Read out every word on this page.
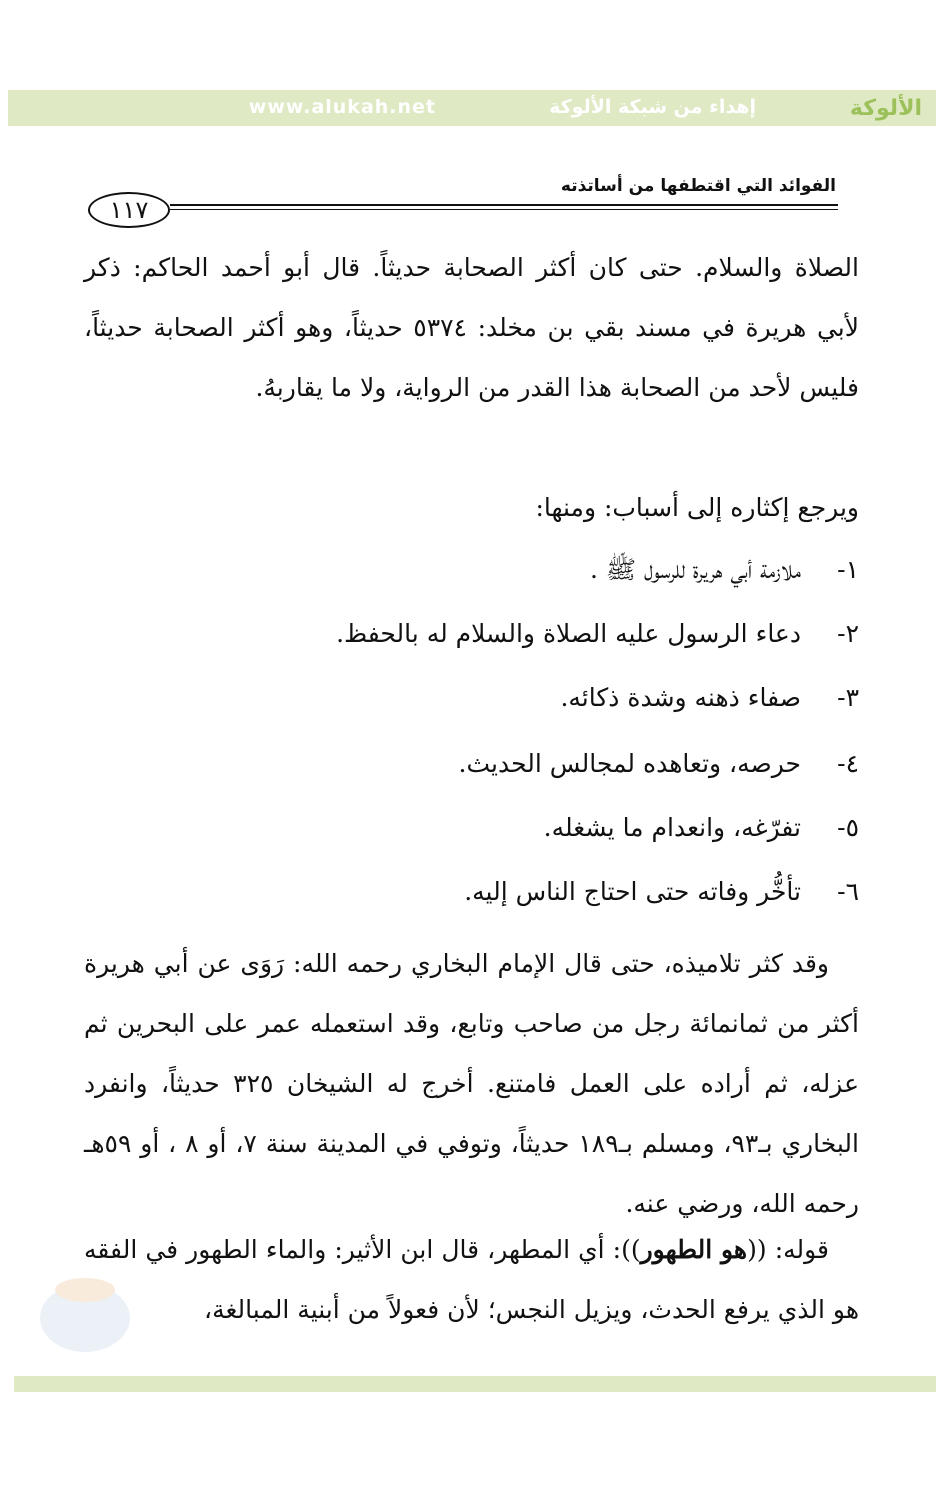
www.alukah.net	إهداء من شبكة الألوكة	الألوكة
الفوائد التي اقتطفها من أساتذته
١١٧

الصلاة والسلام. حتى كان أكثر الصحابة حديثاً. قال أبو أحمد الحاكم: ذكر لأبي هريرة في مسند بقي بن مخلد: ٥٣٧٤ حديثاً، وهو أكثر الصحابة حديثاً، فليس لأحد من الصحابة هذا القدر من الرواية، ولا ما يقاربهُ.

ويرجع إكثاره إلى أسباب: ومنها:

١-ملازمة أبي هريرة للرسول ﷺ .
٢-دعاء الرسول عليه الصلاة والسلام له بالحفظ.
٣-صفاء ذهنه وشدة ذكائه.
٤-حرصه، وتعاهده لمجالس الحديث.
٥-تفرّغه، وانعدام ما يشغله.
٦-تأخُّر وفاته حتى احتاج الناس إليه.

وقد كثر تلاميذه، حتى قال الإمام البخاري رحمه الله: رَوَى عن أبي هريرة أكثر من ثمانمائة رجل من صاحب وتابع، وقد استعمله عمر على البحرين ثم عزله، ثم أراده على العمل فامتنع. أخرج له الشيخان ٣٢٥ حديثاً، وانفرد البخاري بـ٩٣، ومسلم بـ١٨٩ حديثاً، وتوفي في المدينة سنة ٧، أو ٨ ، أو ٥٩هـ رحمه الله، ورضي عنه.

قوله: ((هو الطهور)): أي المطهر، قال ابن الأثير: والماء الطهور في الفقه هو الذي يرفع الحدث، ويزيل النجس؛ لأن فعولاً من أبنية المبالغة،
